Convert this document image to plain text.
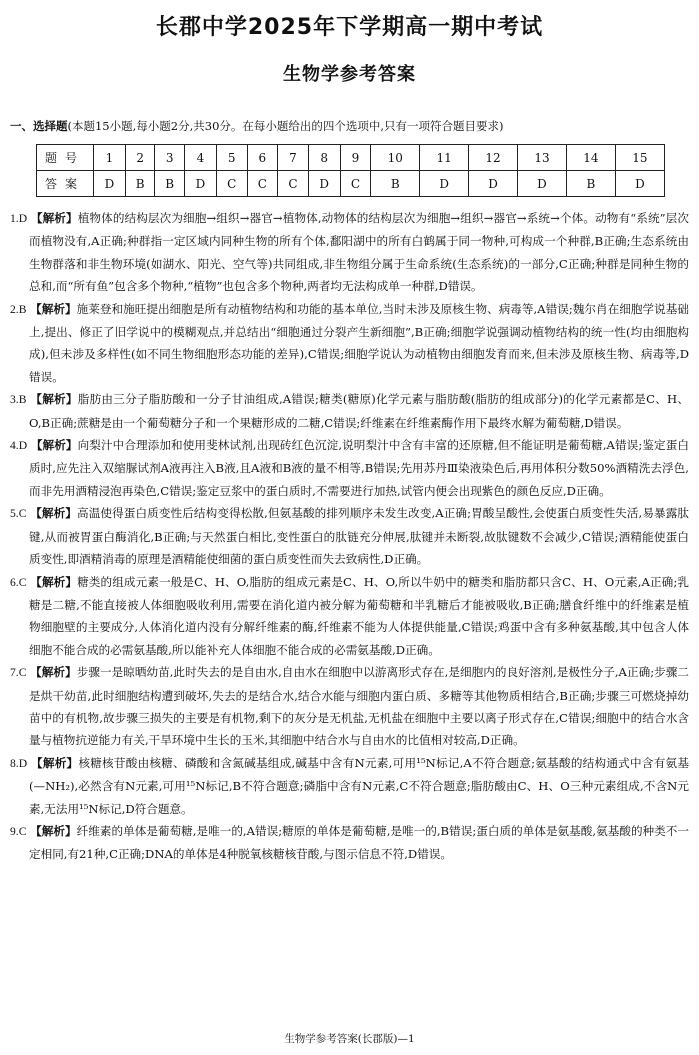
长郡中学2025年下学期高一期中考试
生物学参考答案
一、选择题(本题15小题,每小题2分,共30分。在每小题给出的四个选项中,只有一项符合题目要求)
题号	1	2	3	4	5	6	7	8	9	10	11	12	13	14	15
答案	D	B	B	D	C	C	C	D	C	B	D	D	D	B	D

1.D 【解析】植物体的结构层次为细胞→组织→器官→植物体,动物体的结构层次为细胞→组织→器官→系统→个体。动物有“系统”层次而植物没有,A正确;种群指一定区域内同种生物的所有个体,鄱阳湖中的所有白鹤属于同一物种,可构成一个种群,B正确;生态系统由生物群落和非生物环境(如湖水、阳光、空气等)共同组成,非生物组分属于生命系统(生态系统)的一部分,C正确;种群是同种生物的总和,而“所有鱼”包含多个物种,“植物”也包含多个物种,两者均无法构成单一种群,D错误。

2.B 【解析】施莱登和施旺提出细胞是所有动植物结构和功能的基本单位,当时未涉及原核生物、病毒等,A错误;魏尔肖在细胞学说基础上,提出、修正了旧学说中的模糊观点,并总结出“细胞通过分裂产生新细胞”,B正确;细胞学说强调动植物结构的统一性(均由细胞构成),但未涉及多样性(如不同生物细胞形态功能的差异),C错误;细胞学说认为动植物由细胞发育而来,但未涉及原核生物、病毒等,D错误。

3.B 【解析】脂肪由三分子脂肪酸和一分子甘油组成,A错误;糖类(糖原)化学元素与脂肪酸(脂肪的组成部分)的化学元素都是C、H、O,B正确;蔗糖是由一个葡萄糖分子和一个果糖形成的二糖,C错误;纤维素在纤维素酶作用下最终水解为葡萄糖,D错误。

4.D 【解析】向梨汁中合理添加和使用斐林试剂,出现砖红色沉淀,说明梨汁中含有丰富的还原糖,但不能证明是葡萄糖,A错误;鉴定蛋白质时,应先注入双缩脲试剂A液再注入B液,且A液和B液的量不相等,B错误;先用苏丹Ⅲ染液染色后,再用体积分数50%酒精洗去浮色,而非先用酒精浸泡再染色,C错误;鉴定豆浆中的蛋白质时,不需要进行加热,试管内便会出现紫色的颜色反应,D正确。

5.C 【解析】高温使得蛋白质变性后结构变得松散,但氨基酸的排列顺序未发生改变,A正确;胃酸呈酸性,会使蛋白质变性失活,易暴露肽键,从而被胃蛋白酶消化,B正确;与天然蛋白相比,变性蛋白的肽链充分伸展,肽键并未断裂,故肽键数不会减少,C错误;酒精能使蛋白质变性,即酒精消毒的原理是酒精能使细菌的蛋白质变性而失去致病性,D正确。

6.C 【解析】糖类的组成元素一般是C、H、O,脂肪的组成元素是C、H、O,所以牛奶中的糖类和脂肪都只含C、H、O元素,A正确;乳糖是二糖,不能直接被人体细胞吸收利用,需要在消化道内被分解为葡萄糖和半乳糖后才能被吸收,B正确;膳食纤维中的纤维素是植物细胞壁的主要成分,人体消化道内没有分解纤维素的酶,纤维素不能为人体提供能量,C错误;鸡蛋中含有多种氨基酸,其中包含人体细胞不能合成的必需氨基酸,所以能补充人体细胞不能合成的必需氨基酸,D正确。

7.C 【解析】步骤一是晾晒幼苗,此时失去的是自由水,自由水在细胞中以游离形式存在,是细胞内的良好溶剂,是极性分子,A正确;步骤二是烘干幼苗,此时细胞结构遭到破坏,失去的是结合水,结合水能与细胞内蛋白质、多糖等其他物质相结合,B正确;步骤三可燃烧掉幼苗中的有机物,故步骤三损失的主要是有机物,剩下的灰分是无机盐,无机盐在细胞中主要以离子形式存在,C错误;细胞中的结合水含量与植物抗逆能力有关,干旱环境中生长的玉米,其细胞中结合水与自由水的比值相对较高,D正确。

8.D 【解析】核糖核苷酸由核糖、磷酸和含氮碱基组成,碱基中含有N元素,可用¹⁵N标记,A不符合题意;氨基酸的结构通式中含有氨基(—NH₂),必然含有N元素,可用¹⁵N标记,B不符合题意;磷脂中含有N元素,C不符合题意;脂肪酸由C、H、O三种元素组成,不含N元素,无法用¹⁵N标记,D符合题意。

9.C 【解析】纤维素的单体是葡萄糖,是唯一的,A错误;糖原的单体是葡萄糖,是唯一的,B错误;蛋白质的单体是氨基酸,氨基酸的种类不一定相同,有21种,C正确;DNA的单体是4种脱氧核糖核苷酸,与图示信息不符,D错误。

生物学参考答案(长郡版)—1
